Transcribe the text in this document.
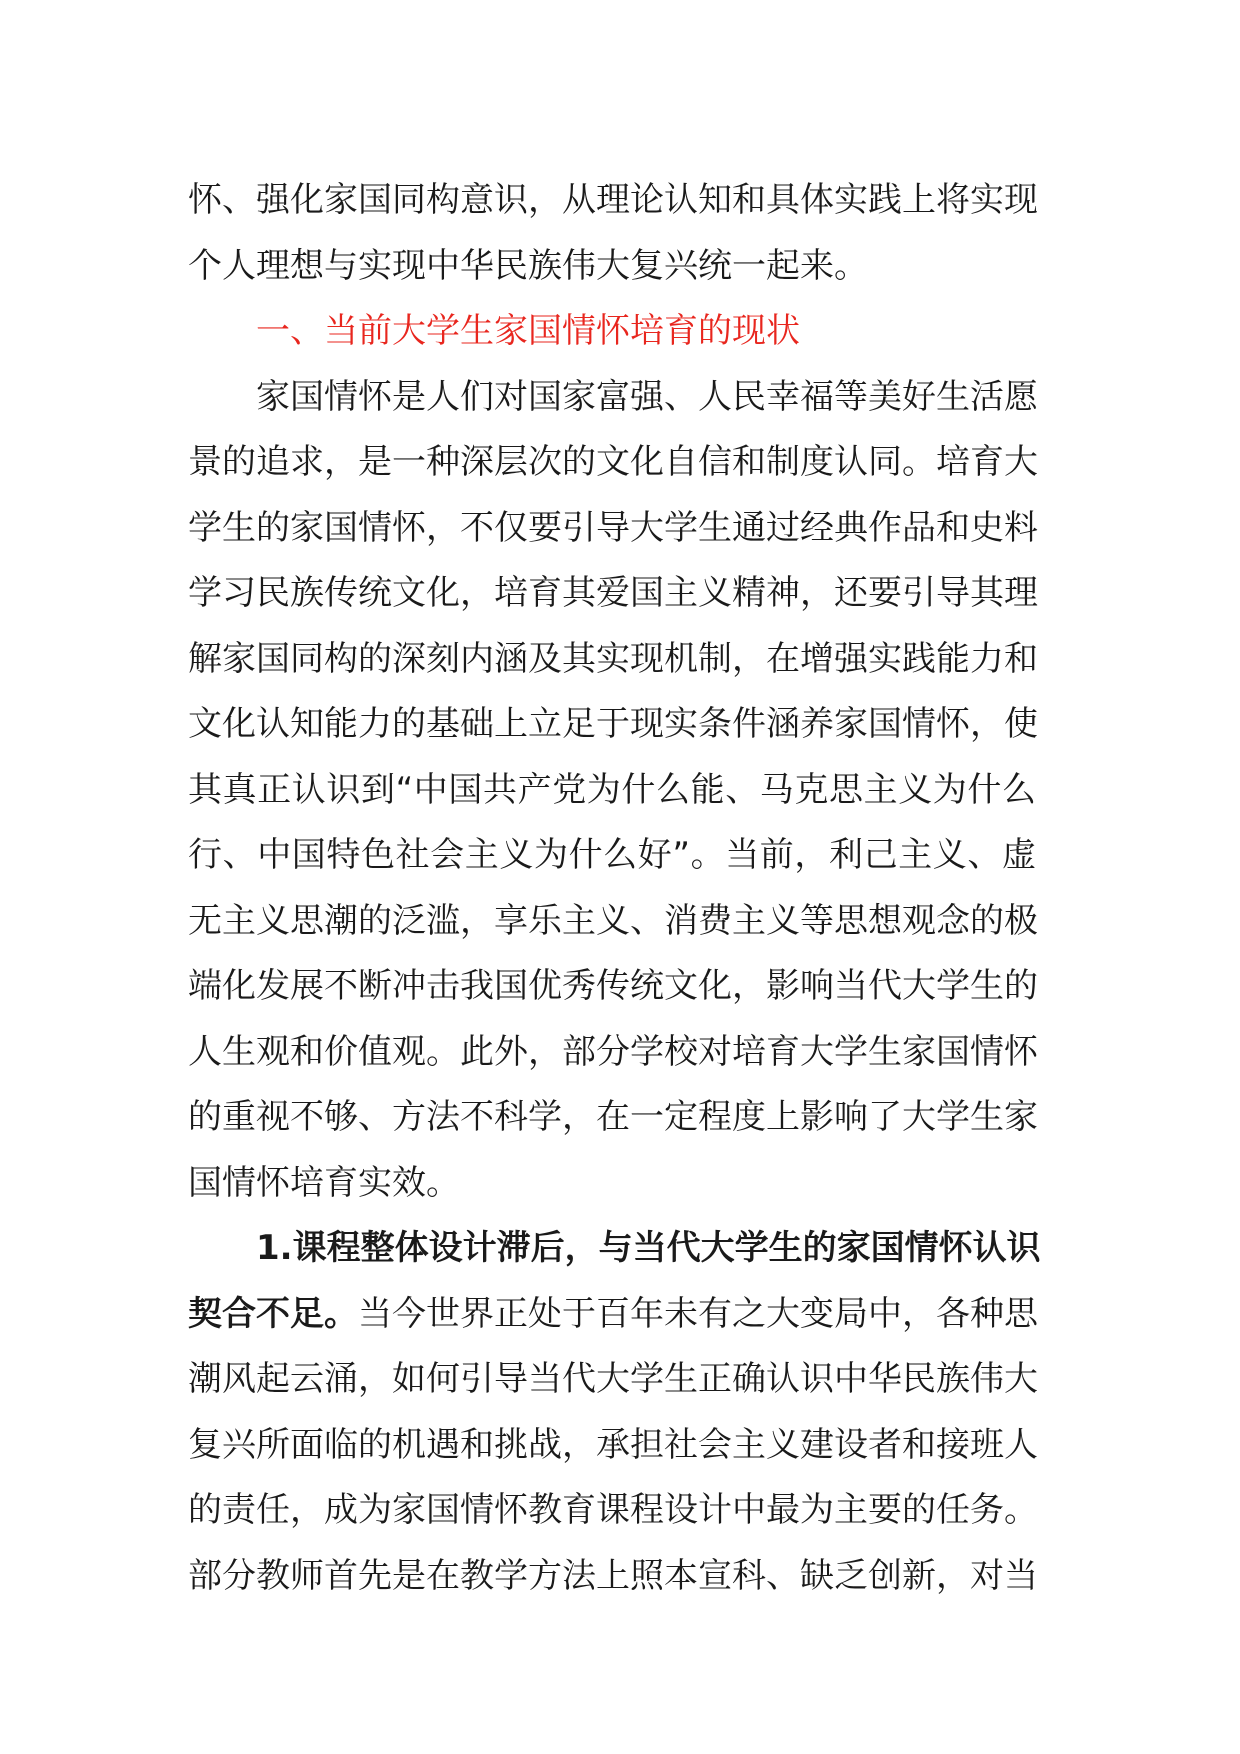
怀、强化家国同构意识，从理论认知和具体实践上将实现
个人理想与实现中华民族伟大复兴统一起来。
一、当前大学生家国情怀培育的现状
家国情怀是人们对国家富强、人民幸福等美好生活愿
景的追求，是一种深层次的文化自信和制度认同。培育大
学生的家国情怀，不仅要引导大学生通过经典作品和史料
学习民族传统文化，培育其爱国主义精神，还要引导其理
解家国同构的深刻内涵及其实现机制，在增强实践能力和
文化认知能力的基础上立足于现实条件涵养家国情怀，使
其真正认识到“中国共产党为什么能、马克思主义为什么
行、中国特色社会主义为什么好”。当前，利己主义、虚
无主义思潮的泛滥，享乐主义、消费主义等思想观念的极
端化发展不断冲击我国优秀传统文化，影响当代大学生的
人生观和价值观。此外，部分学校对培育大学生家国情怀
的重视不够、方法不科学，在一定程度上影响了大学生家
国情怀培育实效。
1.课程整体设计滞后，与当代大学生的家国情怀认识
契合不足。当今世界正处于百年未有之大变局中，各种思
潮风起云涌，如何引导当代大学生正确认识中华民族伟大
复兴所面临的机遇和挑战，承担社会主义建设者和接班人
的责任，成为家国情怀教育课程设计中最为主要的任务。
部分教师首先是在教学方法上照本宣科、缺乏创新，对当
